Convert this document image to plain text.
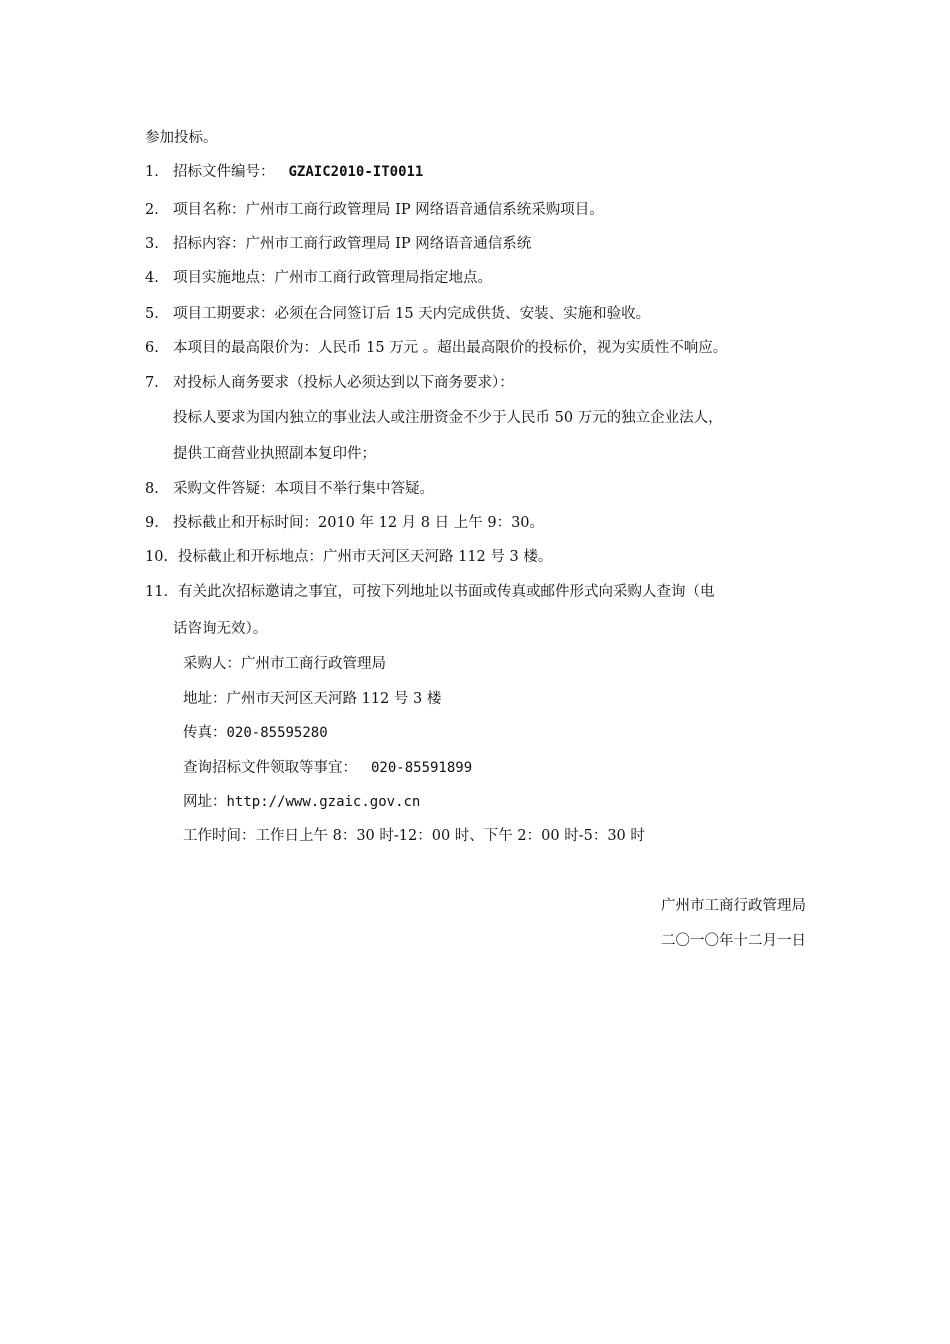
参加投标。
1. 招标文件编号： GZAIC2010-IT0011
2. 项目名称：广州市工商行政管理局 IP 网络语音通信系统采购项目。
3. 招标内容：广州市工商行政管理局 IP 网络语音通信系统
4. 项目实施地点：广州市工商行政管理局指定地点。
5. 项目工期要求：必须在合同签订后 15 天内完成供货、安装、实施和验收。
6. 本项目的最高限价为：人民币 15 万元 。超出最高限价的投标价，视为实质性不响应。
7. 对投标人商务要求（投标人必须达到以下商务要求）：
投标人要求为国内独立的事业法人或注册资金不少于人民币 50 万元的独立企业法人，
提供工商营业执照副本复印件；
8. 采购文件答疑：本项目不举行集中答疑。
9. 投标截止和开标时间：2010 年 12 月 8 日 上午 9：30。
10. 投标截止和开标地点：广州市天河区天河路 112 号 3 楼。
11. 有关此次招标邀请之事宜，可按下列地址以书面或传真或邮件形式向采购人查询（电
话咨询无效）。
采购人：广州市工商行政管理局
地址：广州市天河区天河路 112 号 3 楼
传真：020-85595280
查询招标文件领取等事宜： 020-85591899
网址：http://www.gzaic.gov.cn
工作时间：工作日上午 8：30 时-12：00 时、下午 2：00 时-5：30 时
广州市工商行政管理局
二〇一〇年十二月一日
